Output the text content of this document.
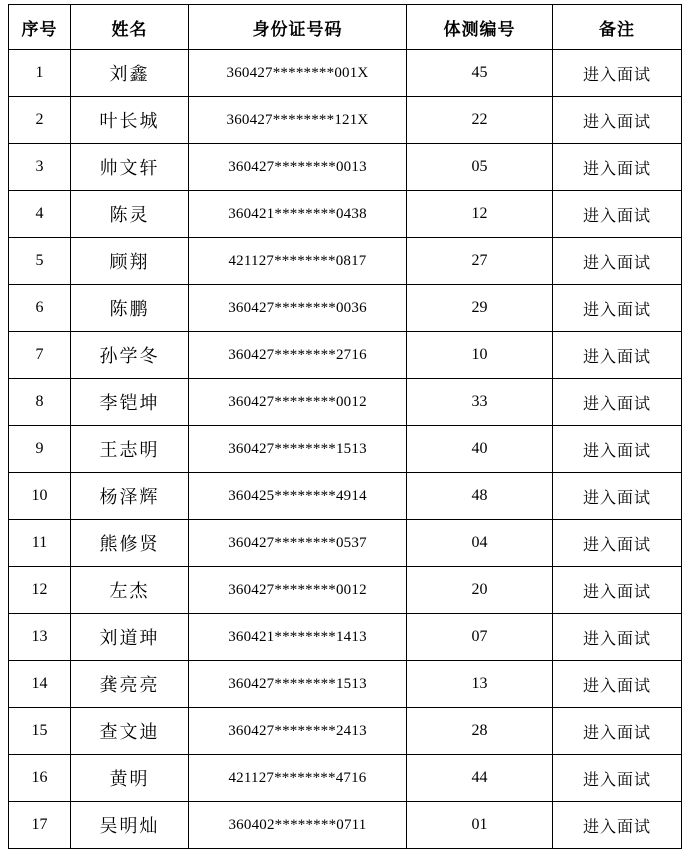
序号	姓名	身份证号码	体测编号	备注
1	刘鑫	360427********001X	45	进入面试
2	叶长城	360427********121X	22	进入面试
3	帅文轩	360427********0013	05	进入面试
4	陈灵	360421********0438	12	进入面试
5	顾翔	421127********0817	27	进入面试
6	陈鹏	360427********0036	29	进入面试
7	孙学冬	360427********2716	10	进入面试
8	李铠坤	360427********0012	33	进入面试
9	王志明	360427********1513	40	进入面试
10	杨泽辉	360425********4914	48	进入面试
11	熊修贤	360427********0537	04	进入面试
12	左杰	360427********0012	20	进入面试
13	刘道珅	360421********1413	07	进入面试
14	龚亮亮	360427********1513	13	进入面试
15	查文迪	360427********2413	28	进入面试
16	黄明	421127********4716	44	进入面试
17	吴明灿	360402********0711	01	进入面试
